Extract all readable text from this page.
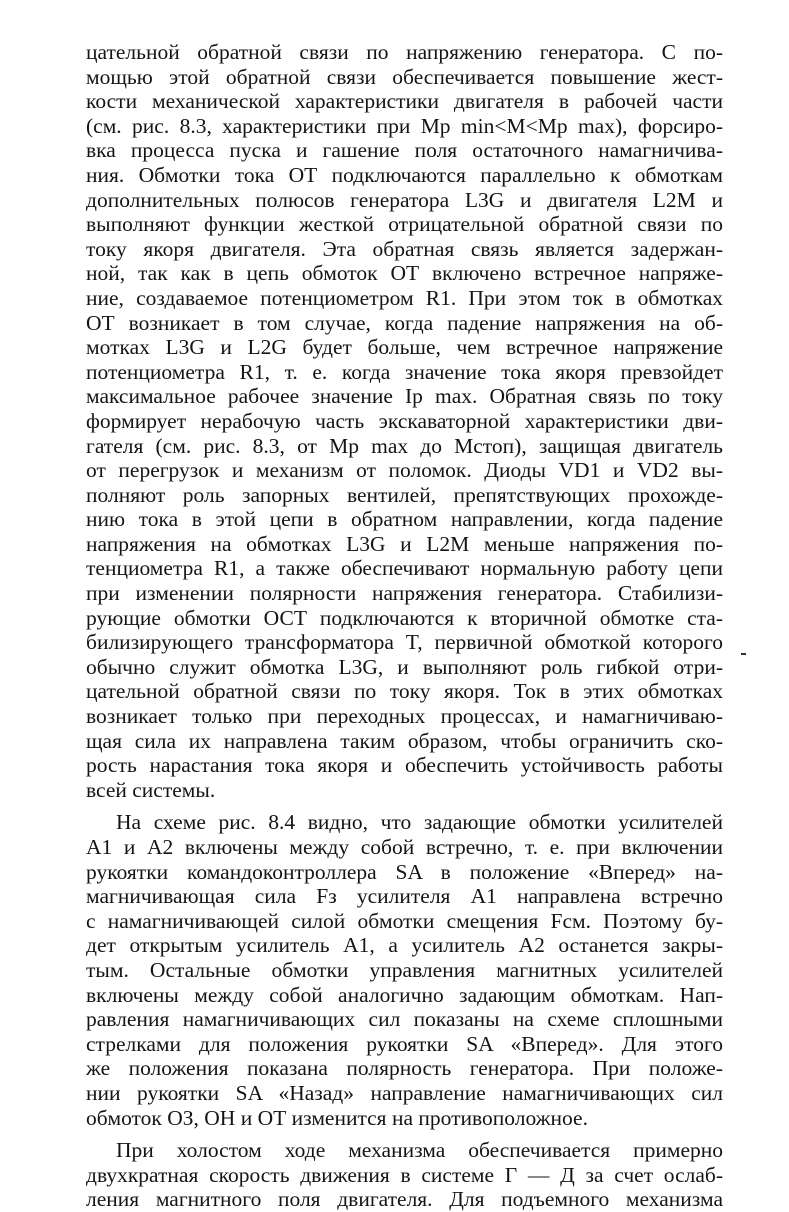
цательной обратной связи по напряжению генератора. С по-
мощью этой обратной связи обеспечивается повышение жест-
кости механической характеристики двигателя в рабочей части
(см. рис. 8.3, характеристики при Mp min<M<Mp max), форсиро-
вка процесса пуска и гашение поля остаточного намагничива-
ния. Обмотки тока ОТ подключаются параллельно к обмоткам
дополнительных полюсов генератора L3G и двигателя L2M и
выполняют функции жесткой отрицательной обратной связи по
току якоря двигателя. Эта обратная связь является задержан-
ной, так как в цепь обмоток ОТ включено встречное напряже-
ние, создаваемое потенциометром R1. При этом ток в обмотках
ОТ возникает в том случае, когда падение напряжения на об-
мотках L3G и L2G будет больше, чем встречное напряжение
потенциометра R1, т. е. когда значение тока якоря превзойдет
максимальное рабочее значение Ip max. Обратная связь по току
формирует нерабочую часть экскаваторной характеристики дви-
гателя (см. рис. 8.3, от Mp max до Mстоп), защищая двигатель
от перегрузок и механизм от поломок. Диоды VD1 и VD2 вы-
полняют роль запорных вентилей, препятствующих прохожде-
нию тока в этой цепи в обратном направлении, когда падение
напряжения на обмотках L3G и L2M меньше напряжения по-
тенциометра R1, а также обеспечивают нормальную работу цепи
при изменении полярности напряжения генератора. Стабилизи-
рующие обмотки ОСТ подключаются к вторичной обмотке ста-
билизирующего трансформатора T, первичной обмоткой которого
обычно служит обмотка L3G, и выполняют роль гибкой отри-
цательной обратной связи по току якоря. Ток в этих обмотках
возникает только при переходных процессах, и намагничиваю-
щая сила их направлена таким образом, чтобы ограничить ско-
рость нарастания тока якоря и обеспечить устойчивость работы
всей системы.
На схеме рис. 8.4 видно, что задающие обмотки усилителей
A1 и A2 включены между собой встречно, т. е. при включении
рукоятки командоконтроллера SA в положение «Вперед» на-
магничивающая сила Fз усилителя A1 направлена встречно
с намагничивающей силой обмотки смещения Fсм. Поэтому бу-
дет открытым усилитель A1, а усилитель A2 останется закры-
тым. Остальные обмотки управления магнитных усилителей
включены между собой аналогично задающим обмоткам. Нап-
равления намагничивающих сил показаны на схеме сплошными
стрелками для положения рукоятки SA «Вперед». Для этого
же положения показана полярность генератора. При положе-
нии рукоятки SA «Назад» направление намагничивающих сил
обмоток ОЗ, ОН и ОТ изменится на противоположное.
При холостом ходе механизма обеспечивается примерно
двухкратная скорость движения в системе Г — Д за счет ослаб-
ления магнитного поля двигателя. Для подъемного механизма
